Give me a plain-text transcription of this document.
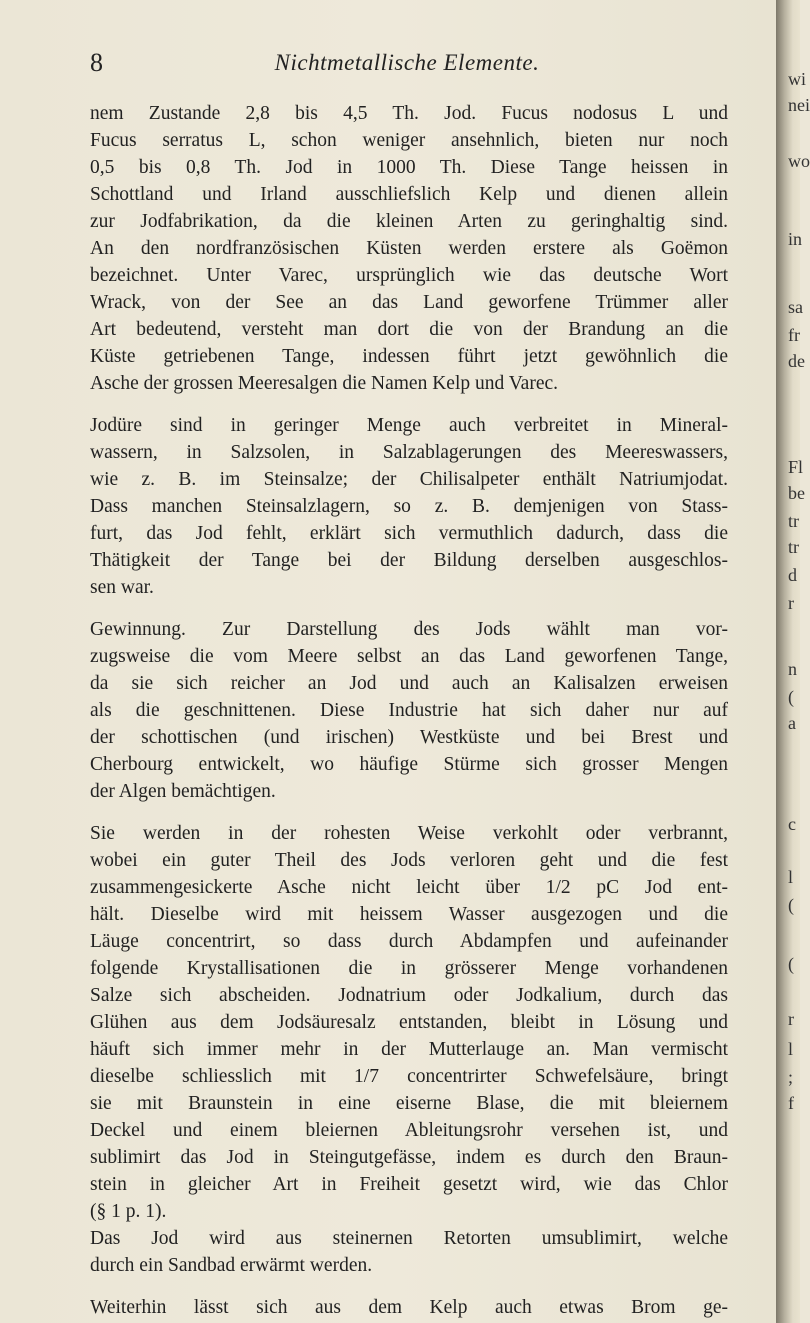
8	Nichtmetallische Elemente.
nem Zustande 2,8 bis 4,5 Th. Jod. Fucus nodosus L und
Fucus serratus L, schon weniger ansehnlich, bieten nur noch
0,5 bis 0,8 Th. Jod in 1000 Th. Diese Tange heissen in
Schottland und Irland ausschliefslich Kelp und dienen allein
zur Jodfabrikation, da die kleinen Arten zu geringhaltig sind.
An den nordfranzösischen Küsten werden erstere als Goëmon
bezeichnet. Unter Varec, ursprünglich wie das deutsche Wort
Wrack, von der See an das Land geworfene Trümmer aller
Art bedeutend, versteht man dort die von der Brandung an die
Küste getriebenen Tange, indessen führt jetzt gewöhnlich die
Asche der grossen Meeresalgen die Namen Kelp und Varec.
Jodüre sind in geringer Menge auch verbreitet in Mineral-
wassern, in Salzsolen, in Salzablagerungen des Meereswassers,
wie z. B. im Steinsalze; der Chilisalpeter enthält Natriumjodat.
Dass manchen Steinsalzlagern, so z. B. demjenigen von Stass-
furt, das Jod fehlt, erklärt sich vermuthlich dadurch, dass die
Thätigkeit der Tange bei der Bildung derselben ausgeschlos-
sen war.
Gewinnung. Zur Darstellung des Jods wählt man vor-
zugsweise die vom Meere selbst an das Land geworfenen Tange,
da sie sich reicher an Jod und auch an Kalisalzen erweisen
als die geschnittenen. Diese Industrie hat sich daher nur auf
der schottischen (und irischen) Westküste und bei Brest und
Cherbourg entwickelt, wo häufige Stürme sich grosser Mengen
der Algen bemächtigen.
Sie werden in der rohesten Weise verkohlt oder verbrannt,
wobei ein guter Theil des Jods verloren geht und die fest
zusammengesickerte Asche nicht leicht über 1/2 pC Jod ent-
hält. Dieselbe wird mit heissem Wasser ausgezogen und die
Läuge concentrirt, so dass durch Abdampfen und aufeinander
folgende Krystallisationen die in grösserer Menge vorhandenen
Salze sich abscheiden. Jodnatrium oder Jodkalium, durch das
Glühen aus dem Jodsäuresalz entstanden, bleibt in Lösung und
häuft sich immer mehr in der Mutterlauge an. Man vermischt
dieselbe schliesslich mit 1/7 concentrirter Schwefelsäure, bringt
sie mit Braunstein in eine eiserne Blase, die mit bleiernem
Deckel und einem bleiernen Ableitungsrohr versehen ist, und
sublimirt das Jod in Steingutgefässe, indem es durch den Braun-
stein in gleicher Art in Freiheit gesetzt wird, wie das Chlor
(§ 1 p. 1).
Das Jod wird aus steinernen Retorten umsublimirt, welche
durch ein Sandbad erwärmt werden.
Weiterhin lässt sich aus dem Kelp auch etwas Brom ge-
wi
nei
wo
in
sa
fr
de
Fl
be
tr
tr
d
r
n
(
a
c
l
(
(
r
l
;
f
